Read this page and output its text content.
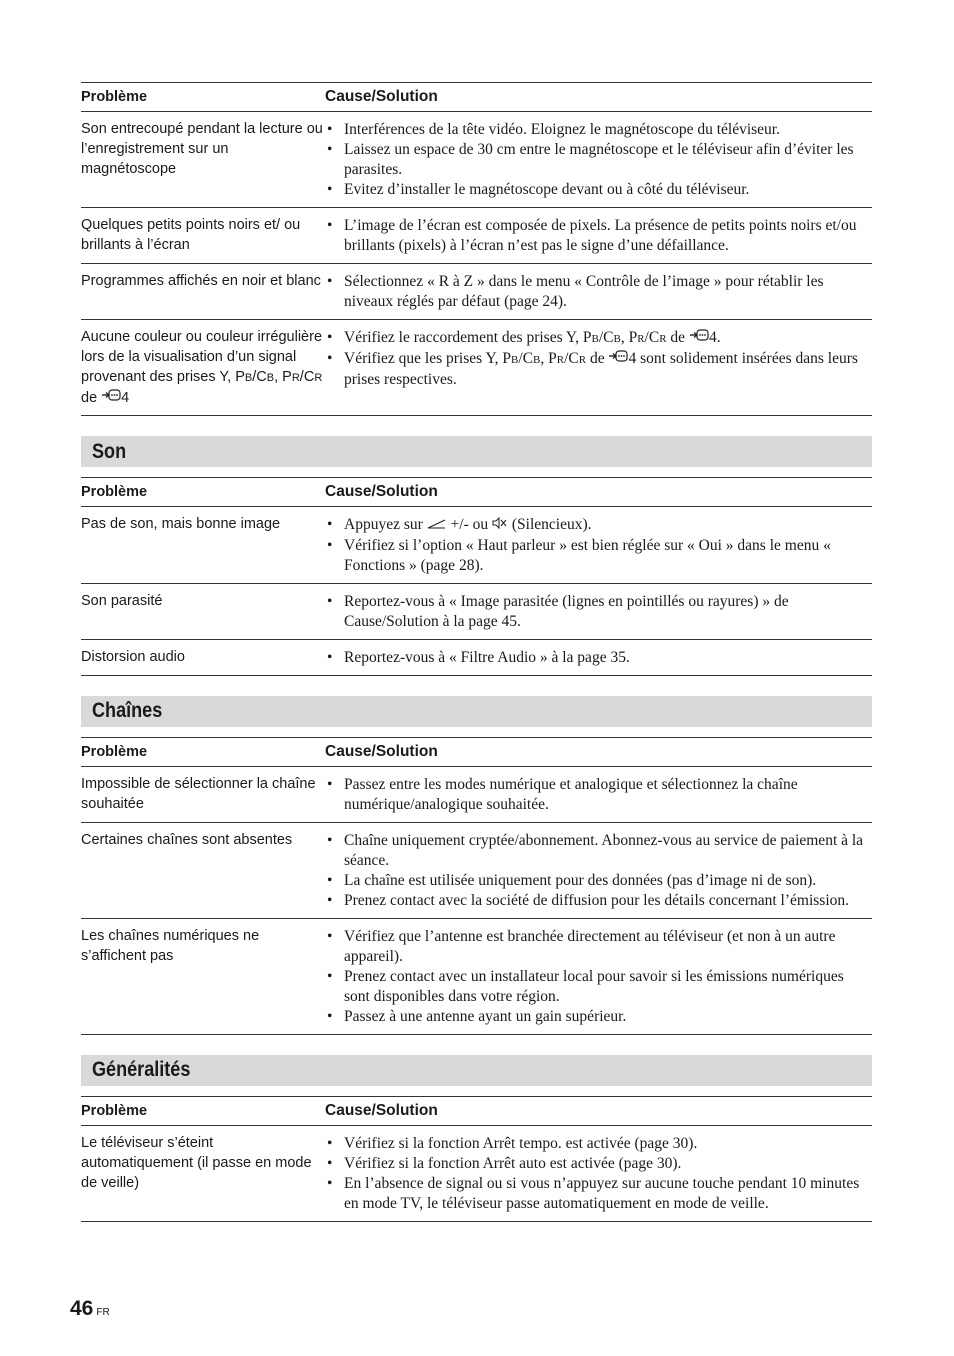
Problème	Cause/Solution
Son entrecoupé pendant la lecture ou l’enregistrement sur un magnétoscope
• Interférences de la tête vidéo. Eloignez le magnétoscope du téléviseur.
• Laissez un espace de 30 cm entre le magnétoscope et le téléviseur afin d’éviter les parasites.
• Evitez d’installer le magnétoscope devant ou à côté du téléviseur.
Quelques petits points noirs et/ ou brillants à l’écran
• L’image de l’écran est composée de pixels. La présence de petits points noirs et/ou brillants (pixels) à l’écran n’est pas le signe d’une défaillance.
Programmes affichés en noir et blanc • Sélectionnez « R à Z » dans le menu « Contrôle de l’image » pour rétablir les niveaux réglés par défaut (page 24).
Aucune couleur ou couleur irrégulière lors de la visualisation d’un signal provenant des prises Y, PB/CB, PR/CR de 4
• Vérifiez le raccordement des prises Y, PB/CB, PR/CR de 4.
• Vérifiez que les prises Y, PB/CB, PR/CR de 4 sont solidement insérées dans leurs prises respectives.
Son
Problème	Cause/Solution
Pas de son, mais bonne image	• Appuyez sur  +/- ou  (Silencieux).
• Vérifiez si l’option « Haut parleur » est bien réglée sur « Oui » dans le menu « Fonctions » (page 28).
Son parasité	• Reportez-vous à « Image parasitée (lignes en pointillés ou rayures) » de Cause/Solution à la page 45.
Distorsion audio	• Reportez-vous à « Filtre Audio » à la page 35.
Chaînes
Problème	Cause/Solution
Impossible de sélectionner la chaîne souhaitée
• Passez entre les modes numérique et analogique et sélectionnez la chaîne numérique/analogique souhaitée.
Certaines chaînes sont absentes	• Chaîne uniquement cryptée/abonnement. Abonnez-vous au service de paiement à la séance.
• La chaîne est utilisée uniquement pour des données (pas d’image ni de son).
• Prenez contact avec la société de diffusion pour les détails concernant l’émission.
Les chaînes numériques ne s’affichent pas
• Vérifiez que l’antenne est branchée directement au téléviseur (et non à un autre appareil).
• Prenez contact avec un installateur local pour savoir si les émissions numériques sont disponibles dans votre région.
• Passez à une antenne ayant un gain supérieur.
Généralités
Problème	Cause/Solution
Le téléviseur s’éteint automatiquement (il passe en mode de veille)
• Vérifiez si la fonction Arrêt tempo. est activée (page 30).
• Vérifiez si la fonction Arrêt auto est activée (page 30).
• En l’absence de signal ou si vous n’appuyez sur aucune touche pendant 10 minutes en mode TV, le téléviseur passe automatiquement en mode de veille.
46 FR
